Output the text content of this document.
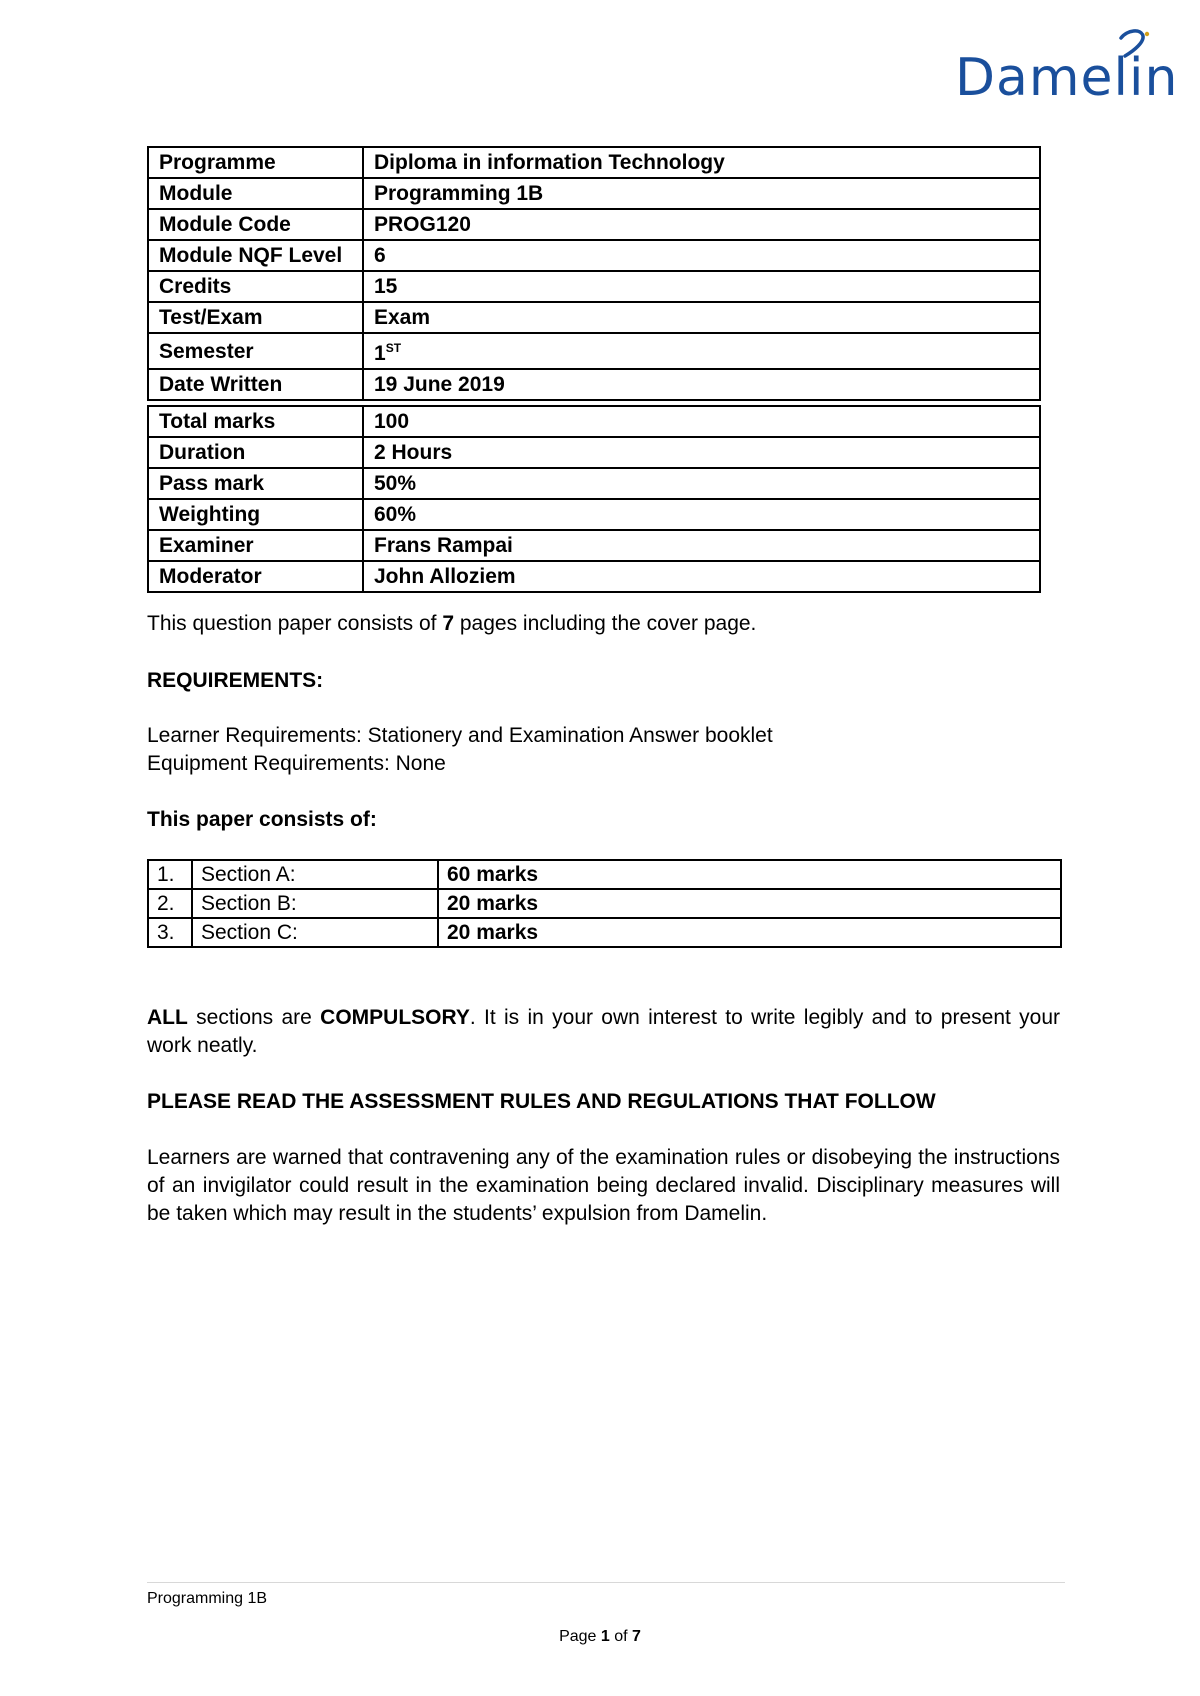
Damelin
Programme	Diploma in information Technology
Module	Programming 1B
Module Code	PROG120
Module NQF Level	6
Credits	15
Test/Exam	Exam
Semester	1ST
Date Written	19 June 2019
Total marks	100
Duration	2 Hours
Pass mark	50%
Weighting	60%
Examiner	Frans Rampai
Moderator	John Alloziem
This question paper consists of 7 pages including the cover page.
REQUIREMENTS:
Learner Requirements: Stationery and Examination Answer booklet
Equipment Requirements: None
This paper consists of:
1.	Section A:	60 marks
2.	Section B:	20 marks
3.	Section C:	20 marks
ALL sections are COMPULSORY. It is in your own interest to write legibly and to present your work neatly.
PLEASE READ THE ASSESSMENT RULES AND REGULATIONS THAT FOLLOW
Learners are warned that contravening any of the examination rules or disobeying the instructions of an invigilator could result in the examination being declared invalid. Disciplinary measures will be taken which may result in the students’ expulsion from Damelin.
Programming 1B
Page 1 of 7
